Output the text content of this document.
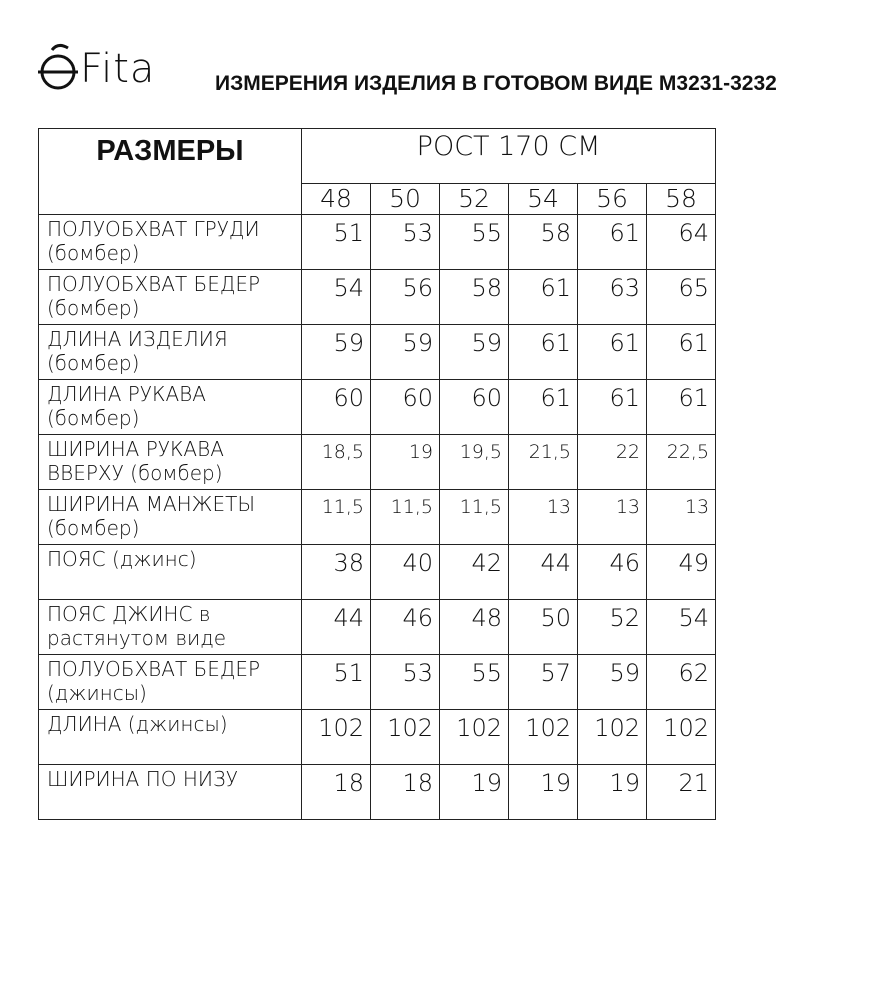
Fita	ИЗМЕРЕНИЯ ИЗДЕЛИЯ В ГОТОВОМ ВИДЕ М3231-3232
РАЗМЕРЫ	РОСТ 170 СМ					
	48	50	52	54	56	58
ПОЛУОБХВАТ ГРУДИ (бомбер)	51	53	55	58	61	64
ПОЛУОБХВАТ БЕДЕР (бомбер)	54	56	58	61	63	65
ДЛИНА ИЗДЕЛИЯ (бомбер)	59	59	59	61	61	61
ДЛИНА РУКАВА (бомбер)	60	60	60	61	61	61
ШИРИНА РУКАВА ВВЕРХУ (бомбер)	18,5	19	19,5	21,5	22	22,5
ШИРИНА МАНЖЕТЫ (бомбер)	11,5	11,5	11,5	13	13	13
ПОЯС (джинс)	38	40	42	44	46	49
ПОЯС ДЖИНС в растянутом виде	44	46	48	50	52	54
ПОЛУОБХВАТ БЕДЕР (джинсы)	51	53	55	57	59	62
ДЛИНА (джинсы)	102	102	102	102	102	102
ШИРИНА ПО НИЗУ	18	18	19	19	19	21
